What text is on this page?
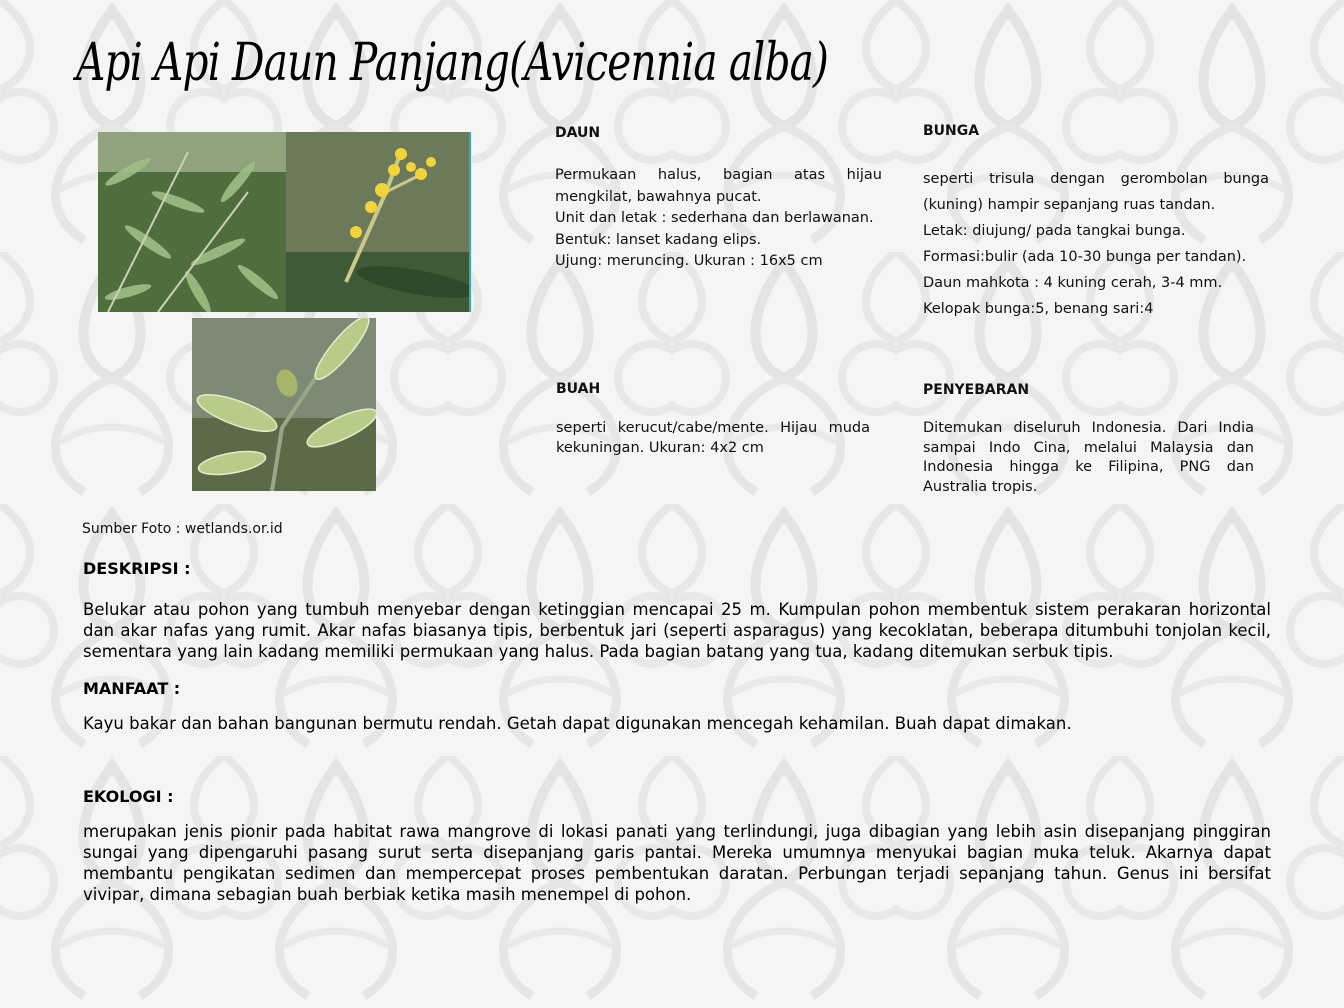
Api Api Daun Panjang(Avicennia alba)
Sumber Foto : wetlands.or.id
DAUN
Permukaan halus, bagian atas hijau mengkilat, bawahnya pucat.
Unit dan letak : sederhana dan berlawanan.
Bentuk: lanset kadang elips.
Ujung: meruncing. Ukuran : 16x5 cm
BUNGA
seperti trisula dengan gerombolan bunga (kuning) hampir sepanjang ruas tandan.
Letak: diujung/ pada tangkai bunga.
Formasi:bulir (ada 10-30 bunga per tandan).
Daun mahkota : 4 kuning cerah, 3-4 mm.
Kelopak bunga:5, benang sari:4
BUAH
seperti kerucut/cabe/mente. Hijau muda kekuningan. Ukuran: 4x2 cm
PENYEBARAN
Ditemukan diseluruh Indonesia. Dari India sampai Indo Cina, melalui Malaysia dan Indonesia hingga ke Filipina, PNG dan Australia tropis.
DESKRIPSI :
Belukar atau pohon yang tumbuh menyebar dengan ketinggian mencapai 25 m. Kumpulan pohon membentuk sistem perakaran horizontal dan akar nafas yang rumit. Akar nafas biasanya tipis, berbentuk jari (seperti asparagus) yang kecoklatan, beberapa ditumbuhi tonjolan kecil, sementara yang lain kadang memiliki permukaan yang halus. Pada bagian batang yang tua, kadang ditemukan serbuk tipis.
MANFAAT :
Kayu bakar dan bahan bangunan bermutu rendah. Getah dapat digunakan mencegah kehamilan. Buah dapat dimakan.
EKOLOGI :
merupakan jenis pionir pada habitat rawa mangrove di lokasi panati yang terlindungi, juga dibagian yang lebih asin disepanjang pinggiran sungai yang dipengaruhi pasang surut serta disepanjang garis pantai. Mereka umumnya menyukai bagian muka teluk. Akarnya dapat membantu pengikatan sedimen dan mempercepat proses pembentukan daratan. Perbungan terjadi sepanjang tahun. Genus ini bersifat vivipar, dimana sebagian buah berbiak ketika masih menempel di pohon.
